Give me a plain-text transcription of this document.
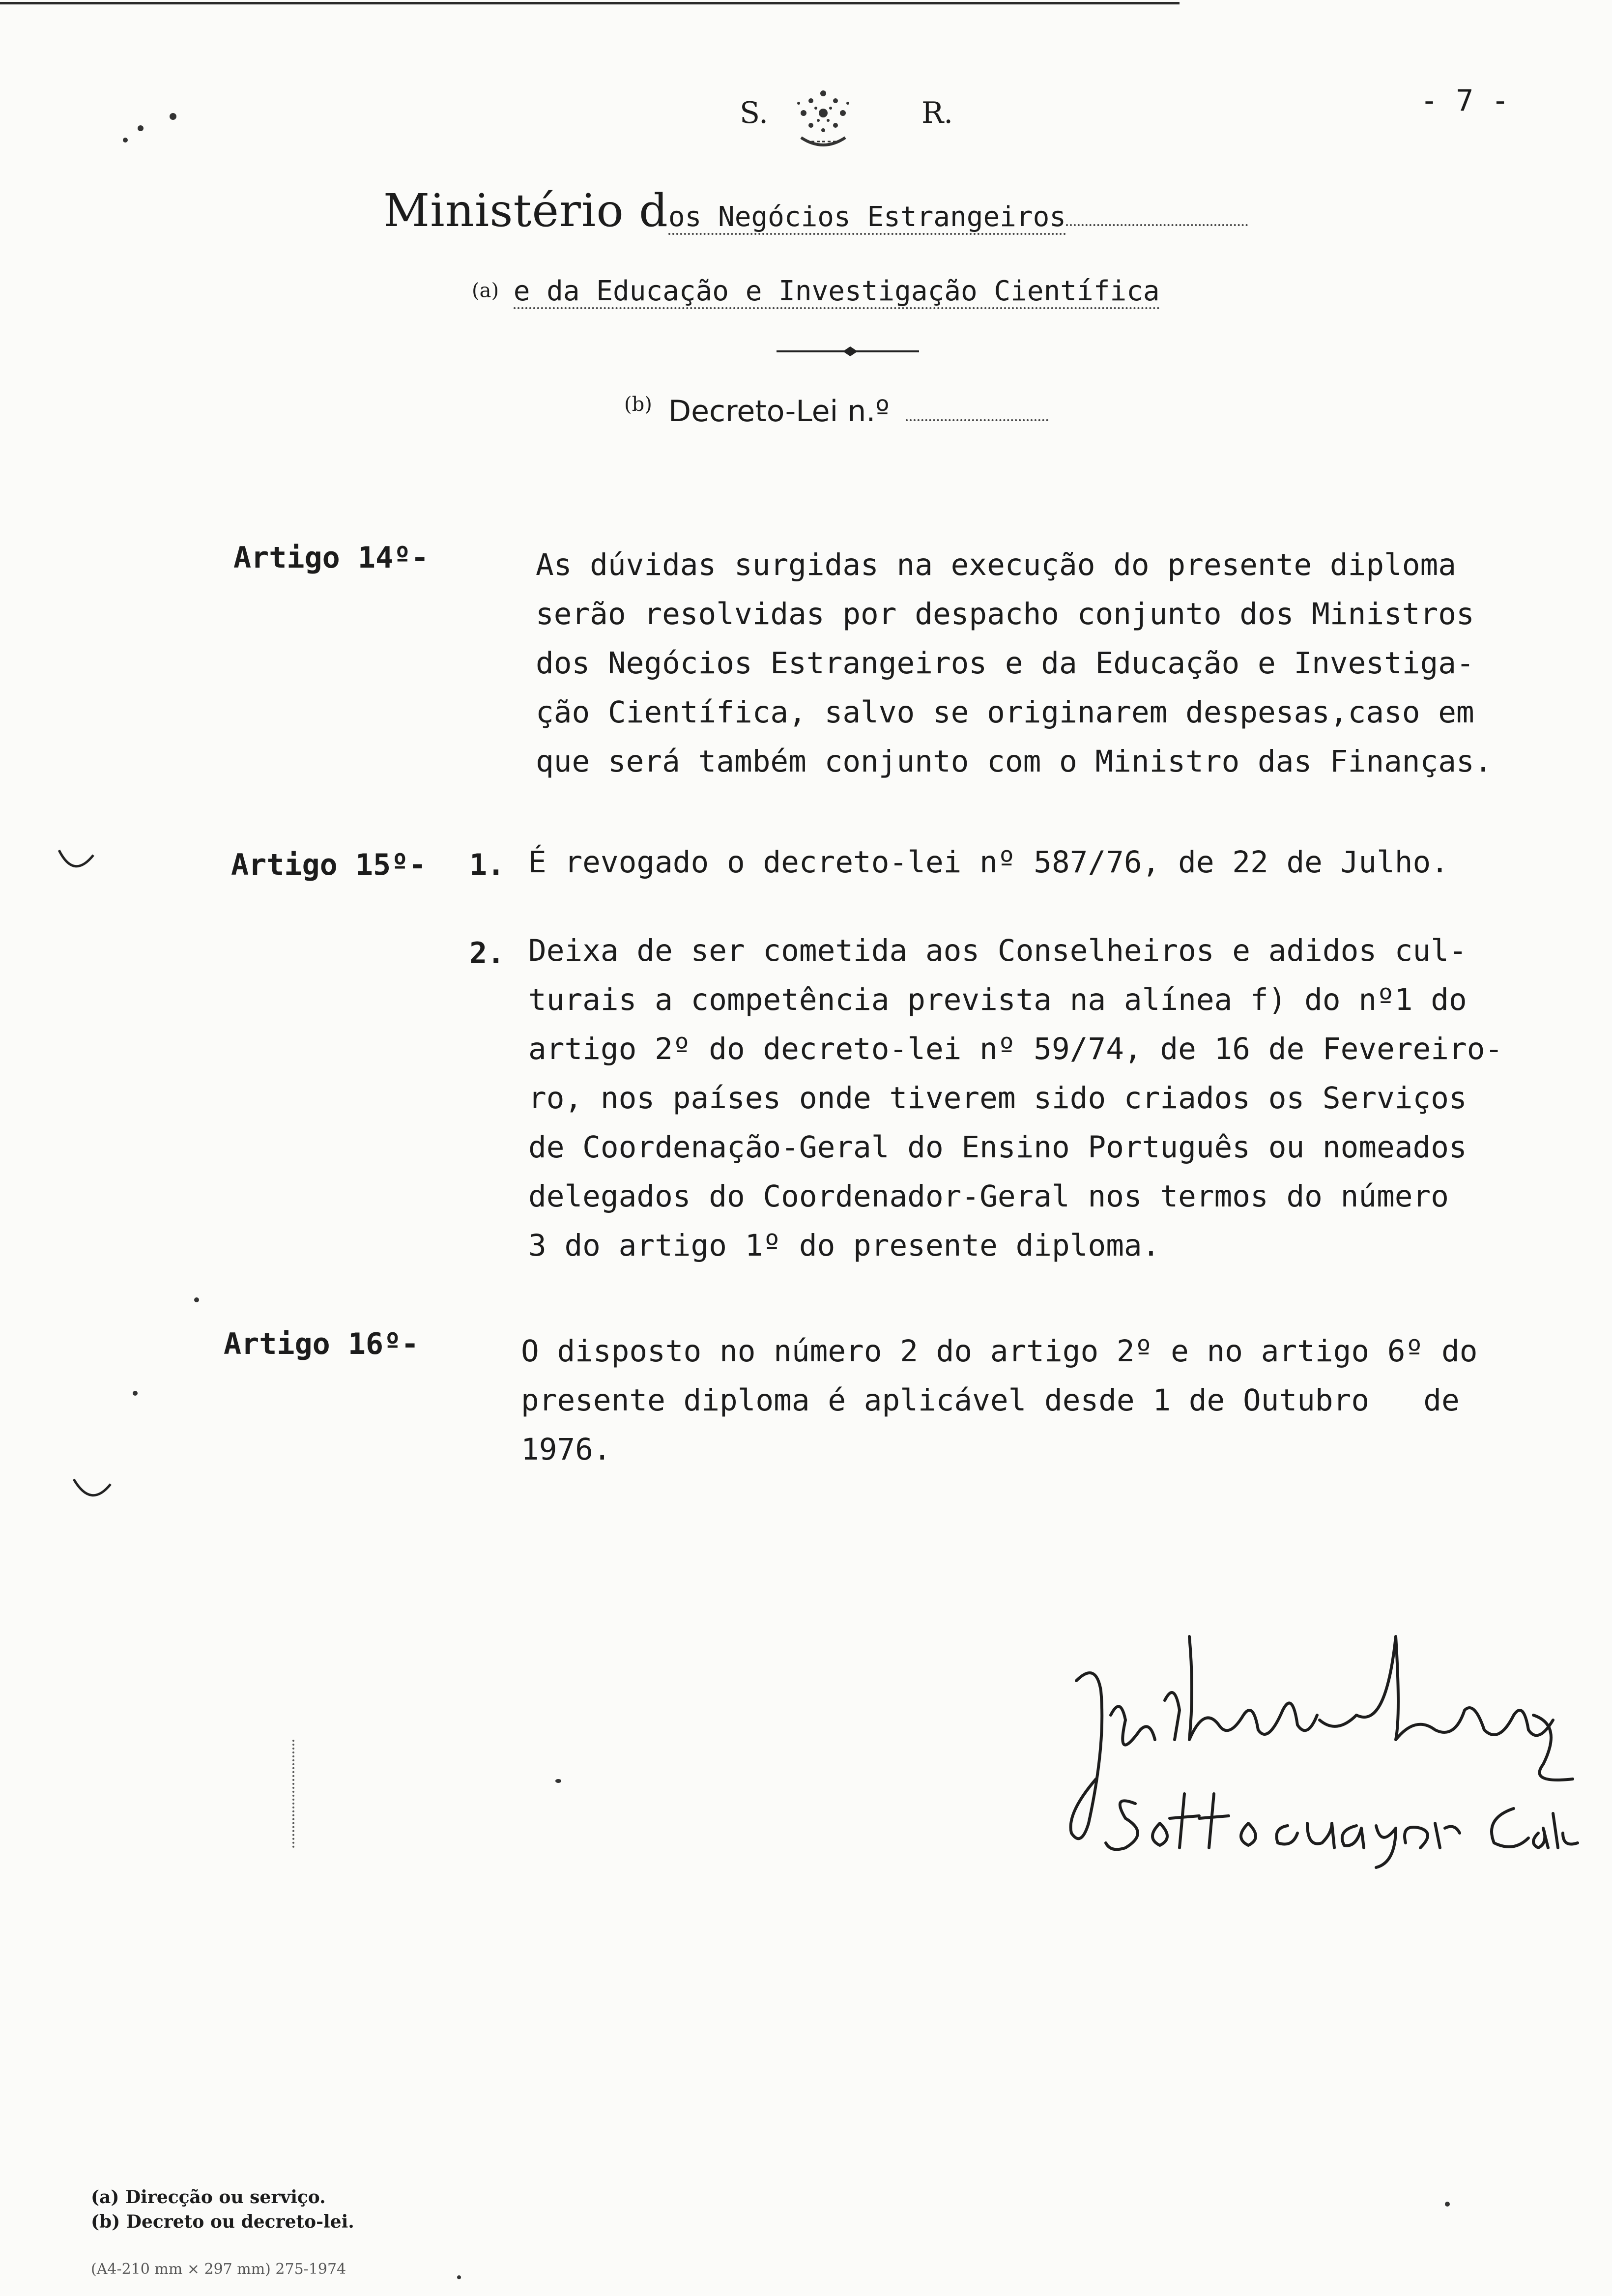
S.	R.	- 7 -
Ministério dos Negócios Estrangeiros
(a) e da Educação e Investigação Científica
$^{(b)}$ Decreto-Lei n.º
Artigo 14º-	As dúvidas surgidas na execução do presente diploma
serão resolvidas por despacho conjunto dos Ministros
dos Negócios Estrangeiros e da Educação e Investiga-
ção Científica, salvo se originarem despesas,caso em
que será também conjunto com o Ministro das Finanças.
Artigo 15º- 1. É revogado o decreto-lei nº 587/76, de 22 de Julho.
2. Deixa de ser cometida aos Conselheiros e adidos cul-
turais a competência prevista na alínea f) do nº1 do
artigo 2º do decreto-lei nº 59/74, de 16 de Fevereiro-
ro, nos países onde tiverem sido criados os Serviços
de Coordenação-Geral do Ensino Português ou nomeados
delegados do Coordenador-Geral nos termos do número
3 do artigo 1º do presente diploma.
Artigo 16º-	O disposto no número 2 do artigo 2º e no artigo 6º do
presente diploma é aplicável desde 1 de Outubro   de
1976.
(a) Direcção ou serviço.
(b) Decreto ou decreto-lei.
(A4-210 mm × 297 mm) 275-1974
